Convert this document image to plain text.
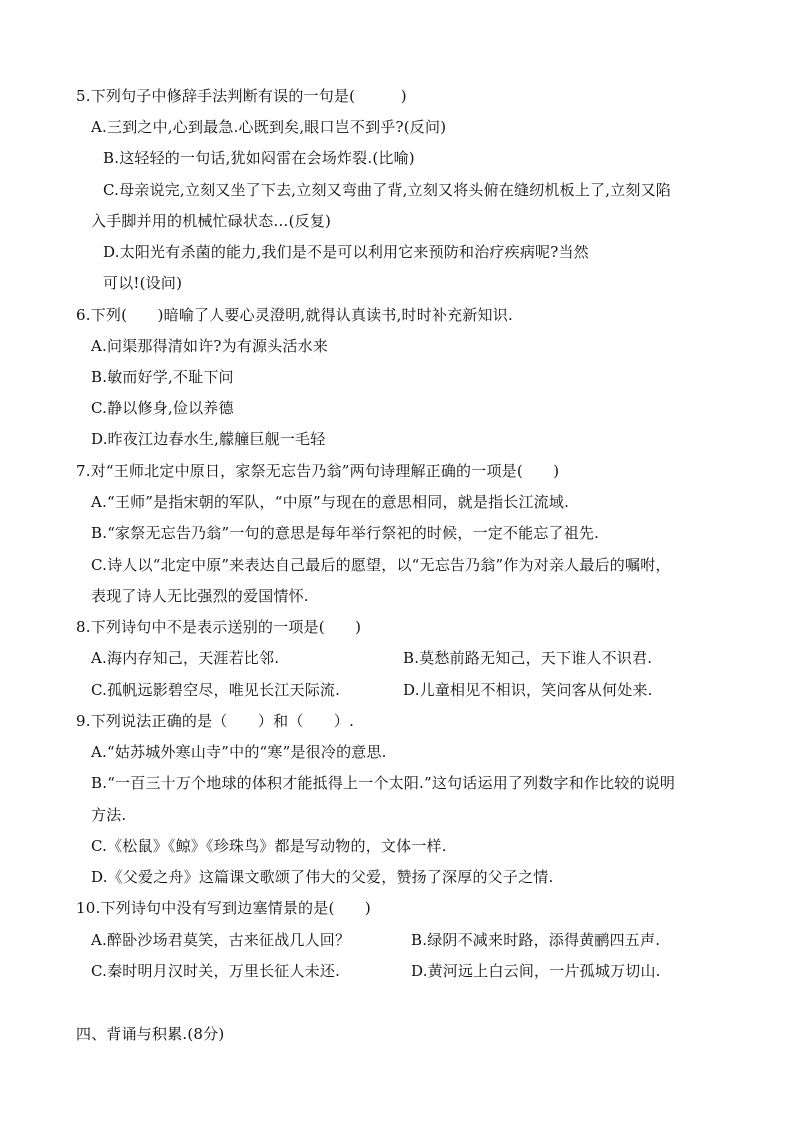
5.下列句子中修辞手法判断有误的一句是(　　　)
A.三到之中,心到最急.心既到矣,眼口岂不到乎?(反问)
B.这轻轻的一句话,犹如闷雷在会场炸裂.(比喻)
C.母亲说完,立刻又坐了下去,立刻又弯曲了背,立刻又将头俯在缝纫机板上了,立刻又陷
入手脚并用的机械忙碌状态…(反复)
D.太阳光有杀菌的能力,我们是不是可以利用它来预防和治疗疾病呢?当然
可以!(设问)
6.下列(　　)暗喻了人要心灵澄明,就得认真读书,时时补充新知识.
A.问渠那得清如许?为有源头活水来
B.敏而好学,不耻下问
C.静以修身,俭以养德
D.昨夜江边春水生,艨艟巨舰一毛轻
7.对“王师北定中原日，家祭无忘告乃翁”两句诗理解正确的一项是(　　)
A.“王师”是指宋朝的军队，“中原”与现在的意思相同，就是指长江流域.
B.“家祭无忘告乃翁”一句的意思是每年举行祭祀的时候，一定不能忘了祖先.
C.诗人以“北定中原”来表达自己最后的愿望，以“无忘告乃翁”作为对亲人最后的嘱咐，
表现了诗人无比强烈的爱国情怀.
8.下列诗句中不是表示送别的一项是(　　)
A.海内存知己，天涯若比邻.	B.莫愁前路无知己，天下谁人不识君.
C.孤帆远影碧空尽，唯见长江天际流.	D.儿童相见不相识，笑问客从何处来.
9.下列说法正确的是（　　）和（　　）.
A.“姑苏城外寒山寺”中的“寒”是很冷的意思.
B.“一百三十万个地球的体积才能抵得上一个太阳.”这句话运用了列数字和作比较的说明
方法.
C.《松鼠》《鲸》《珍珠鸟》都是写动物的，文体一样.
D.《父爱之舟》这篇课文歌颂了伟大的父爱，赞扬了深厚的父子之情.
10.下列诗句中没有写到边塞情景的是(　　)
A.醉卧沙场君莫笑，古来征战几人回？	B.绿阴不减来时路，添得黄鹂四五声.
C.秦时明月汉时关，万里长征人未还.	D.黄河远上白云间，一片孤城万切山.
四、背诵与积累.(8分)
